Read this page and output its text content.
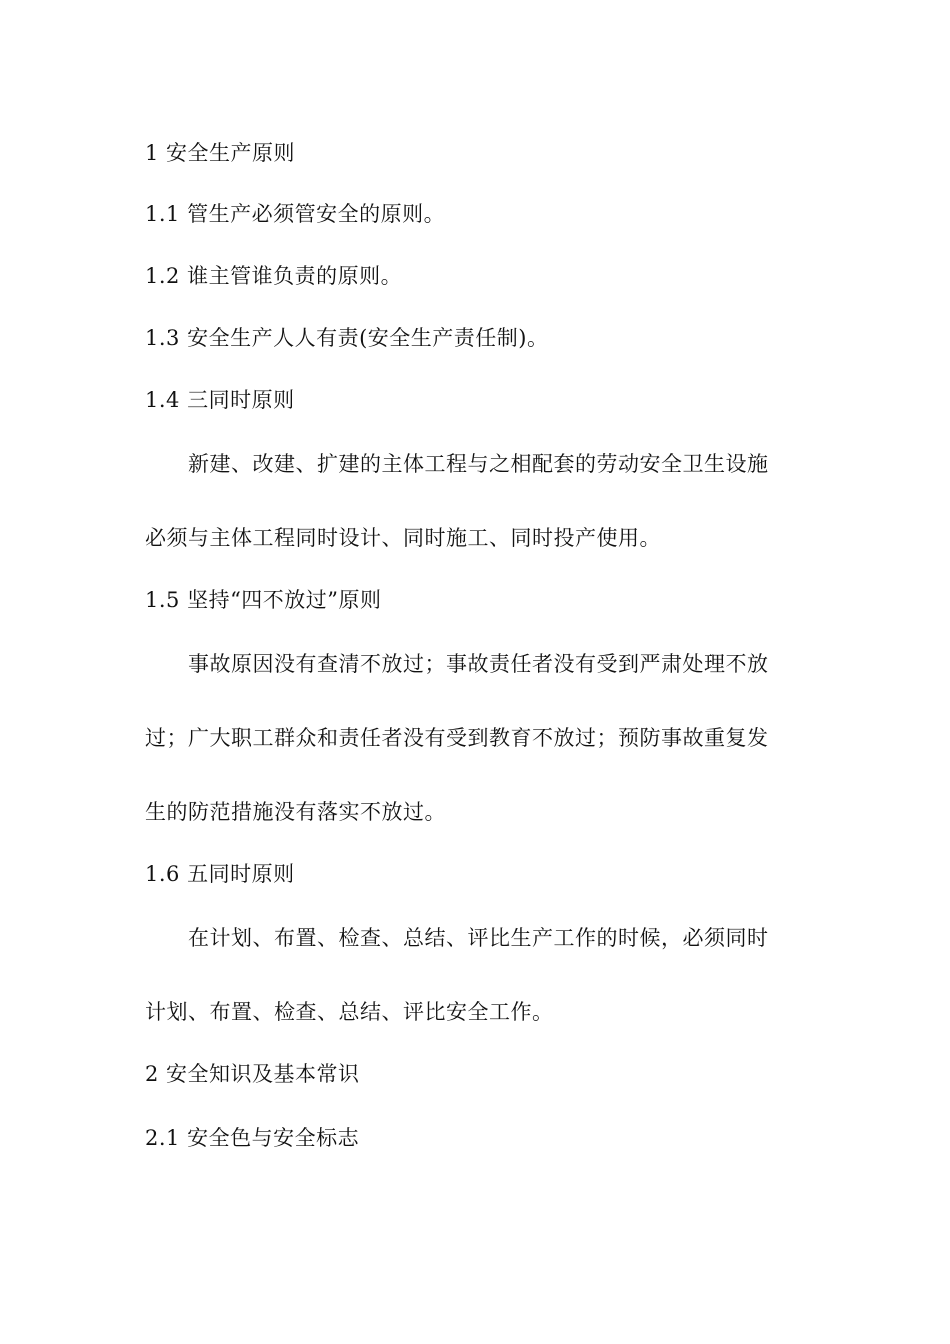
1 安全生产原则
1.1 管生产必须管安全的原则。
1.2 谁主管谁负责的原则。
1.3 安全生产人人有责(安全生产责任制)。
1.4 三同时原则
新建、改建、扩建的主体工程与之相配套的劳动安全卫生设施
必须与主体工程同时设计、同时施工、同时投产使用。
1.5 坚持“四不放过”原则
事故原因没有查清不放过；事故责任者没有受到严肃处理不放
过；广大职工群众和责任者没有受到教育不放过；预防事故重复发
生的防范措施没有落实不放过。
1.6 五同时原则
在计划、布置、检查、总结、评比生产工作的时候，必须同时
计划、布置、检查、总结、评比安全工作。
2 安全知识及基本常识
2.1 安全色与安全标志
